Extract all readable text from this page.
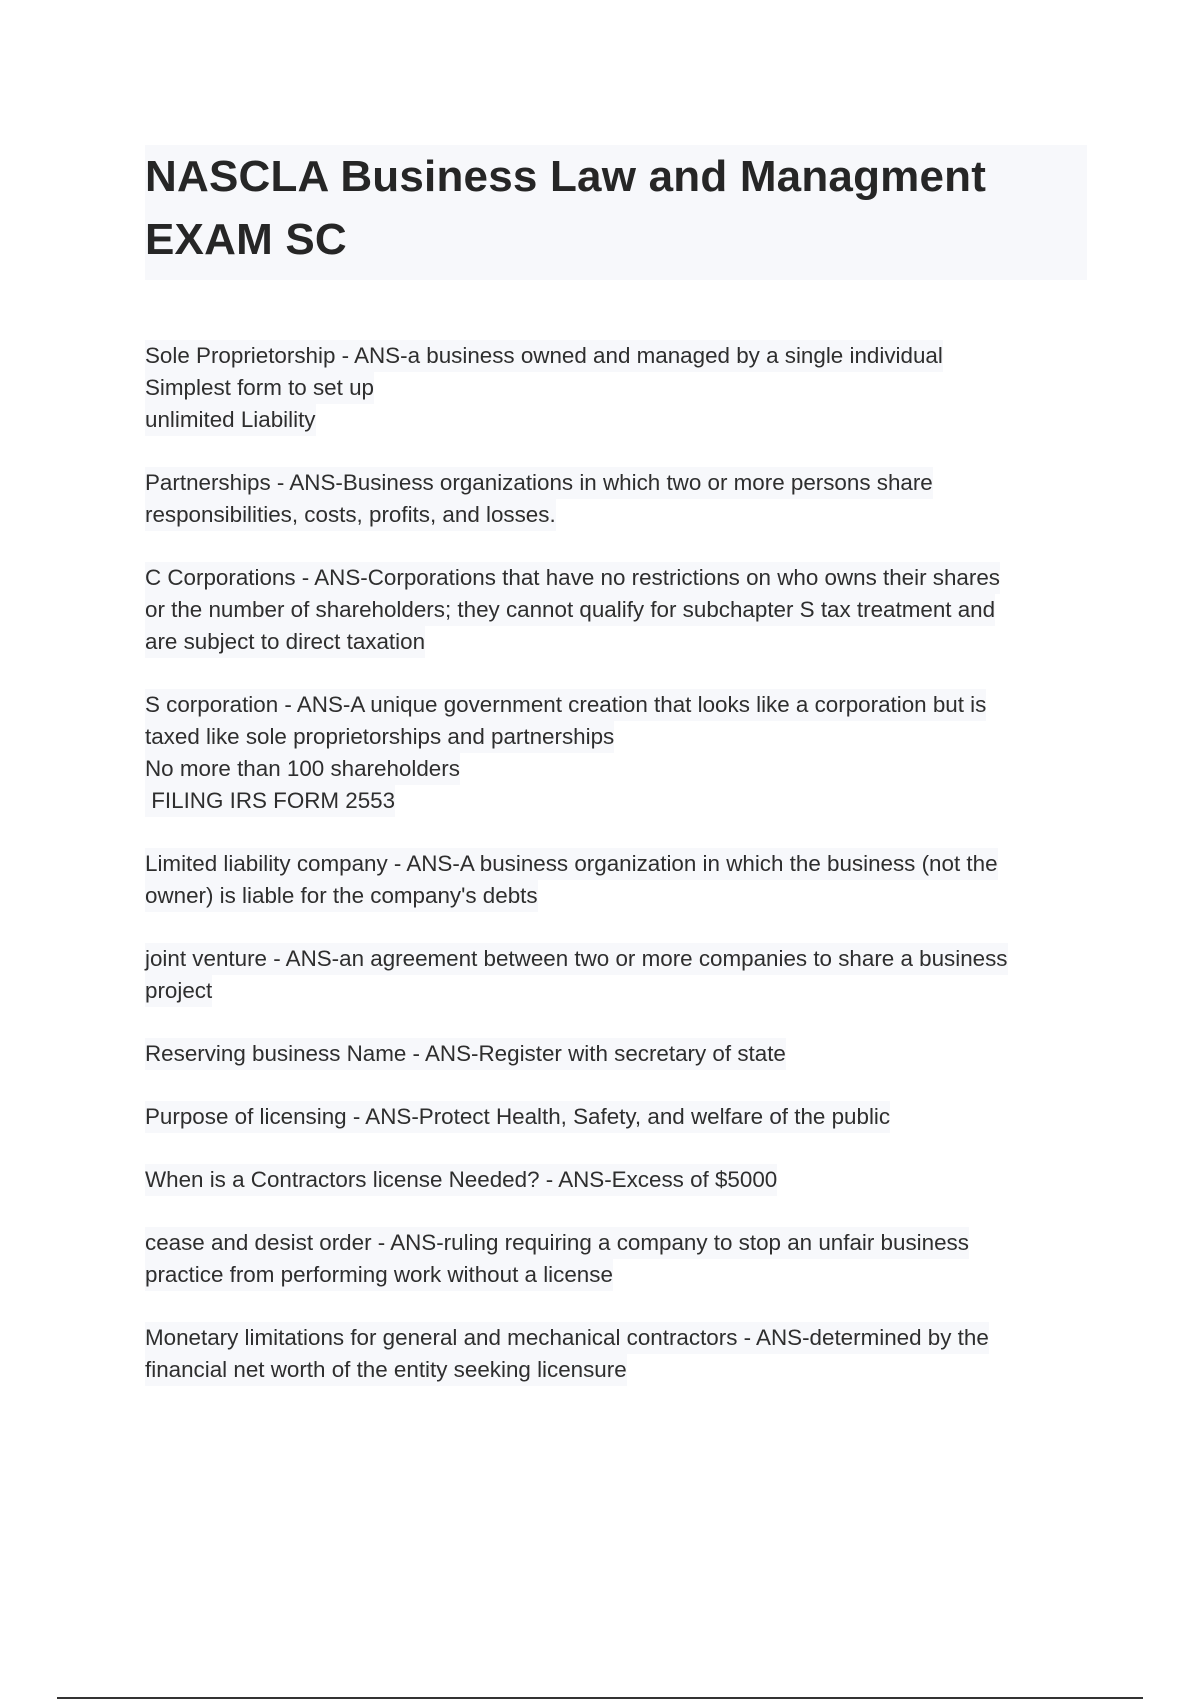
NASCLA Business Law and Managment
EXAM SC
Sole Proprietorship - ANS-a business owned and managed by a single individual
Simplest form to set up
unlimited Liability
Partnerships - ANS-Business organizations in which two or more persons share
responsibilities, costs, profits, and losses.
C Corporations - ANS-Corporations that have no restrictions on who owns their shares
or the number of shareholders; they cannot qualify for subchapter S tax treatment and
are subject to direct taxation
S corporation - ANS-A unique government creation that looks like a corporation but is
taxed like sole proprietorships and partnerships
No more than 100 shareholders
FILING IRS FORM 2553
Limited liability company - ANS-A business organization in which the business (not the
owner) is liable for the company's debts
joint venture - ANS-an agreement between two or more companies to share a business
project
Reserving business Name - ANS-Register with secretary of state
Purpose of licensing - ANS-Protect Health, Safety, and welfare of the public
When is a Contractors license Needed? - ANS-Excess of $5000
cease and desist order - ANS-ruling requiring a company to stop an unfair business
practice from performing work without a license
Monetary limitations for general and mechanical contractors - ANS-determined by the
financial net worth of the entity seeking licensure
